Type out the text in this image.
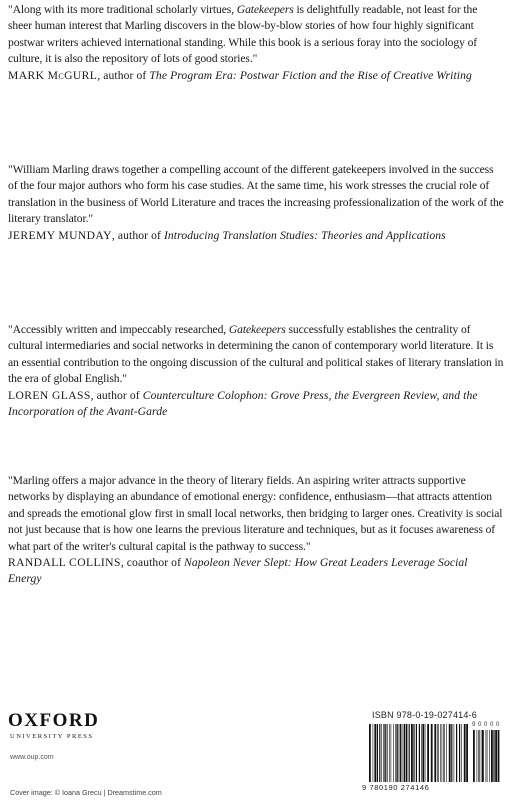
"Along with its more traditional scholarly virtues, Gatekeepers is delightfully readable, not least for the sheer human interest that Marling discovers in the blow-by-blow stories of how four highly significant postwar writers achieved international standing. While this book is a serious foray into the sociology of culture, it is also the repository of lots of good stories."

MARK McGURL, author of The Program Era: Postwar Fiction and the Rise of Creative Writing

"William Marling draws together a compelling account of the different gatekeepers involved in the success of the four major authors who form his case studies. At the same time, his work stresses the crucial role of translation in the business of World Literature and traces the increasing professionalization of the work of the literary translator."

JEREMY MUNDAY, author of Introducing Translation Studies: Theories and Applications

"Accessibly written and impeccably researched, Gatekeepers successfully establishes the centrality of cultural intermediaries and social networks in determining the canon of contemporary world literature. It is an essential contribution to the ongoing discussion of the cultural and political stakes of literary translation in the era of global English."

LOREN GLASS, author of Counterculture Colophon: Grove Press, the Evergreen Review, and the Incorporation of the Avant-Garde

"Marling offers a major advance in the theory of literary fields. An aspiring writer attracts supportive networks by displaying an abundance of emotional energy: confidence, enthusiasm—that attracts attention and spreads the emotional glow first in small local networks, then bridging to larger ones. Creativity is social not just because that is how one learns the previous literature and techniques, but as it focuses awareness of what part of the writer's cultural capital is the pathway to success."

RANDALL COLLINS, coauthor of Napoleon Never Slept: How Great Leaders Leverage Social Energy

OXFORD
UNIVERSITY PRESS
www.oup.com
Cover image: © Ioana Grecu | Dreamstime.com
ISBN 978-0-19-027414-6
9 0 0 0 0
9 780190 274146
